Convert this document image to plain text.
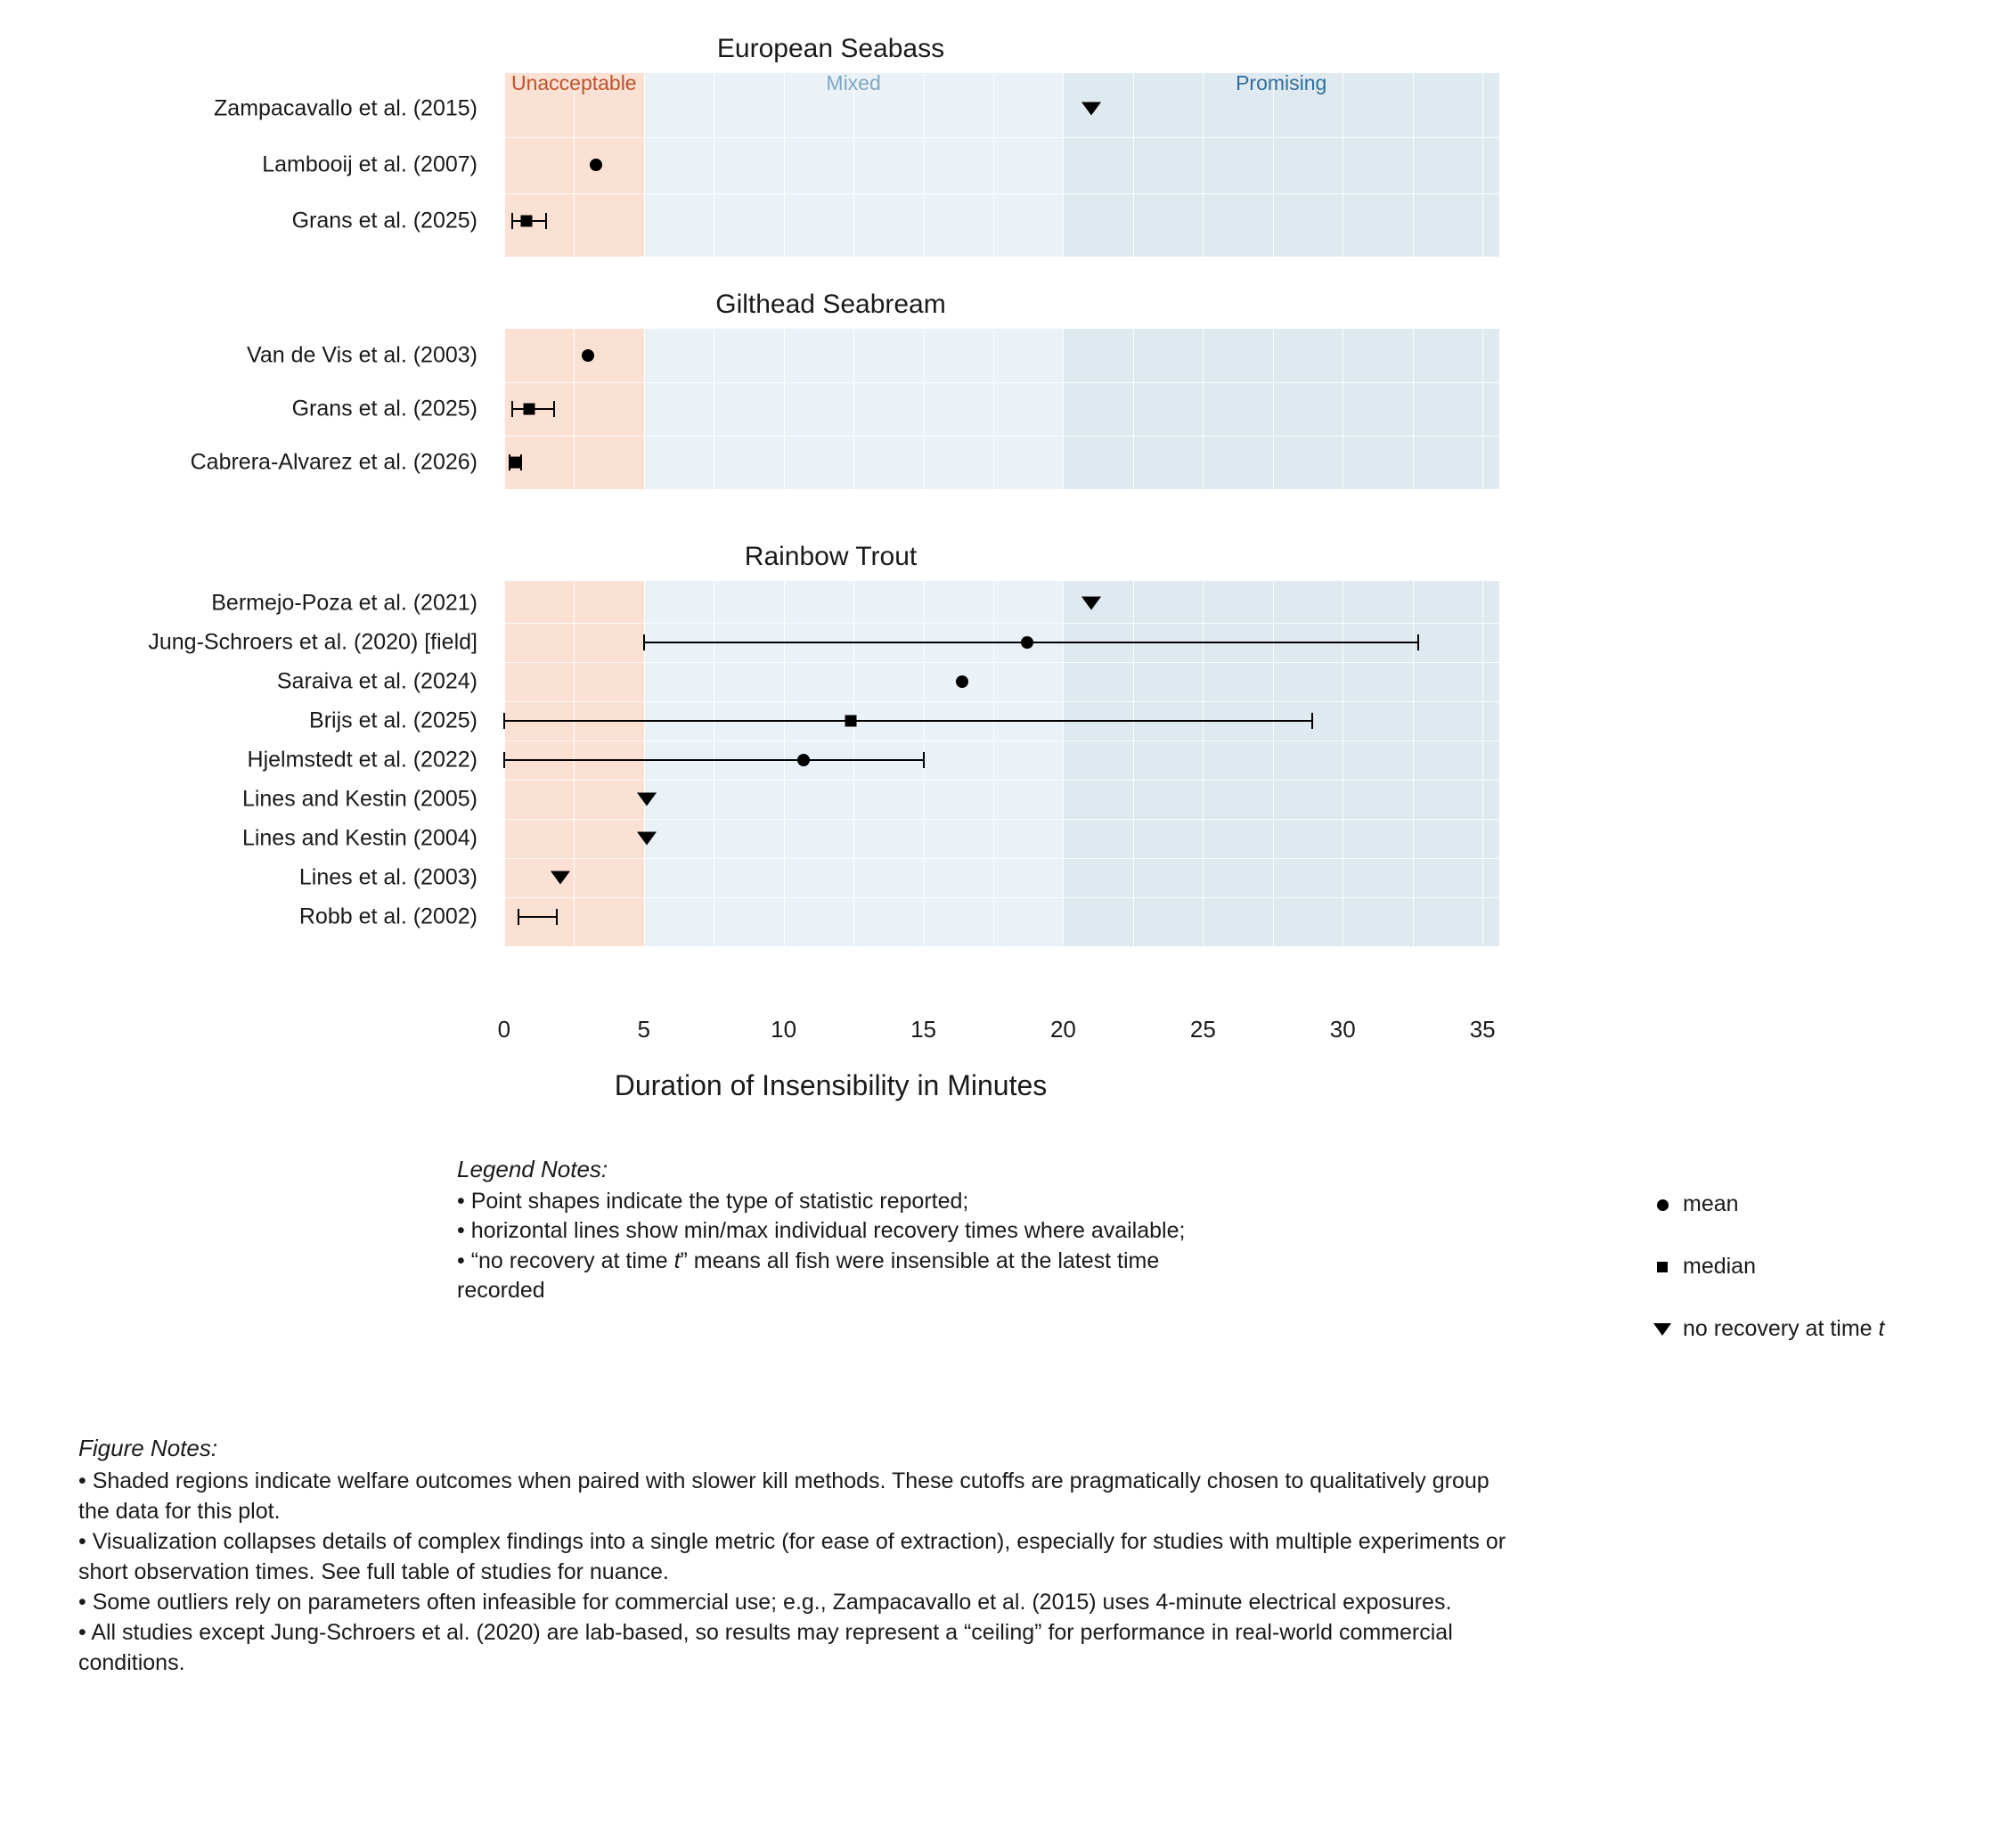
European Seabass
Unacceptable	Mixed	Promising
Zampacavallo et al. (2015)
Lambooij et al. (2007)
Grans et al. (2025)
Gilthead Seabream
Van de Vis et al. (2003)
Grans et al. (2025)
Cabrera-Alvarez et al. (2026)
Rainbow Trout
Bermejo-Poza et al. (2021)
Jung-Schroers et al. (2020) [field]
Saraiva et al. (2024)
Brijs et al. (2025)
Hjelmstedt et al. (2022)
Lines and Kestin (2005)
Lines and Kestin (2004)
Lines et al. (2003)
Robb et al. (2002)
0	5	10	15	20	25	30	35
Duration of Insensibility in Minutes
Legend Notes:
• Point shapes indicate the type of statistic reported;
• horizontal lines show min/max individual recovery times where available;
• “no recovery at time t” means all fish were insensible at the latest time recorded
mean
median
no recovery at time t
Figure Notes:

• Shaded regions indicate welfare outcomes when paired with slower kill methods. These cutoffs are pragmatically chosen to qualitatively group the data for this plot.

• Visualization collapses details of complex findings into a single metric (for ease of extraction), especially for studies with multiple experiments or short observation times. See full table of studies for nuance.

• Some outliers rely on parameters often infeasible for commercial use; e.g., Zampacavallo et al. (2015) uses 4-minute electrical exposures.

• All studies except Jung-Schroers et al. (2020) are lab-based, so results may represent a “ceiling” for performance in real-world commercial conditions.
